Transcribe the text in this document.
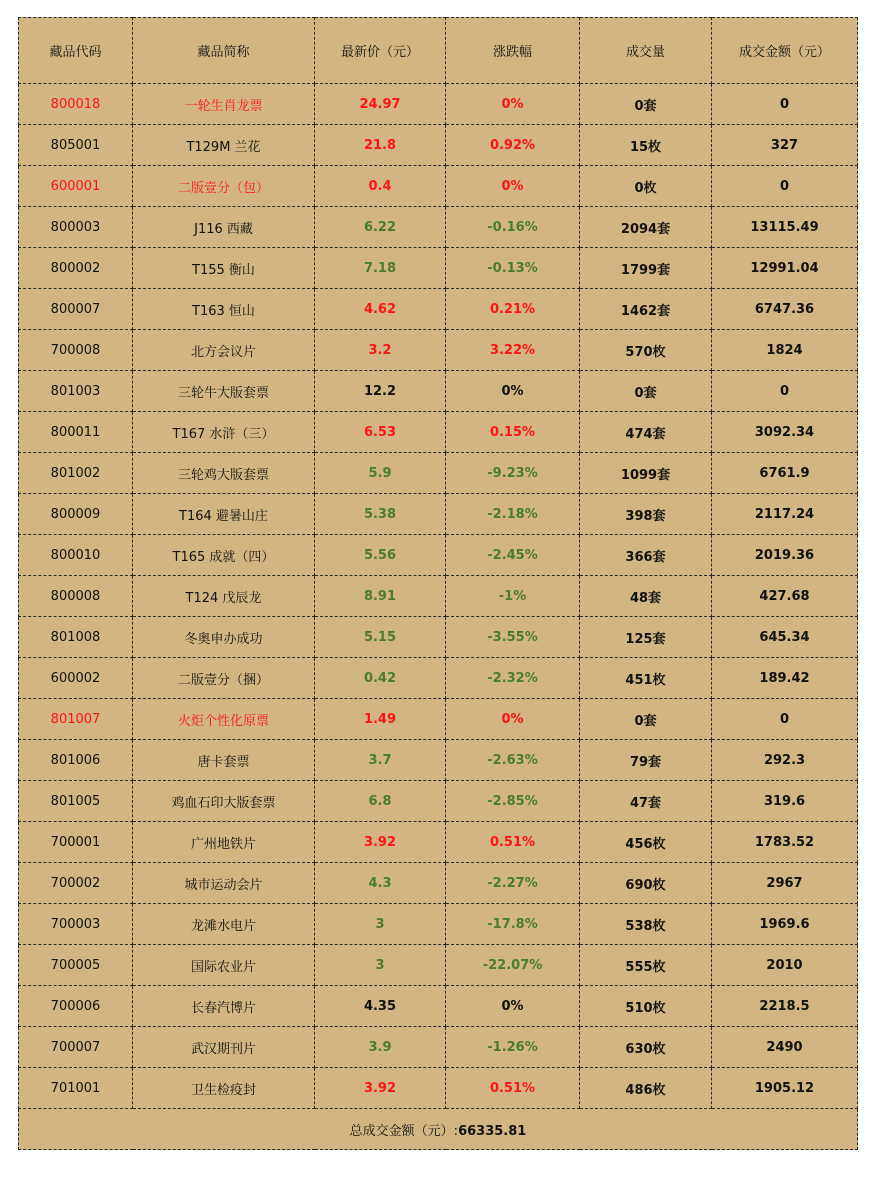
藏品代码	藏品简称	最新价（元）	涨跌幅	成交量	成交金额（元）
800018	一轮生肖龙票	24.97	0%	0套	0
805001	T129M 兰花	21.8	0.92%	15枚	327
600001	二版壹分（包）	0.4	0%	0枚	0
800003	J116 西藏	6.22	-0.16%	2094套	13115.49
800002	T155 衡山	7.18	-0.13%	1799套	12991.04
800007	T163 恒山	4.62	0.21%	1462套	6747.36
700008	北方会议片	3.2	3.22%	570枚	1824
801003	三轮牛大版套票	12.2	0%	0套	0
800011	T167 水浒（三）	6.53	0.15%	474套	3092.34
801002	三轮鸡大版套票	5.9	-9.23%	1099套	6761.9
800009	T164 避暑山庄	5.38	-2.18%	398套	2117.24
800010	T165 成就（四）	5.56	-2.45%	366套	2019.36
800008	T124 戊辰龙	8.91	-1%	48套	427.68
801008	冬奥申办成功	5.15	-3.55%	125套	645.34
600002	二版壹分（捆）	0.42	-2.32%	451枚	189.42
801007	火炬个性化原票	1.49	0%	0套	0
801006	唐卡套票	3.7	-2.63%	79套	292.3
801005	鸡血石印大版套票	6.8	-2.85%	47套	319.6
700001	广州地铁片	3.92	0.51%	456枚	1783.52
700002	城市运动会片	4.3	-2.27%	690枚	2967
700003	龙滩水电片	3	-17.8%	538枚	1969.6
700005	国际农业片	3	-22.07%	555枚	2010
700006	长春汽博片	4.35	0%	510枚	2218.5
700007	武汉期刊片	3.9	-1.26%	630枚	2490
701001	卫生检疫封	3.92	0.51%	486枚	1905.12
总成交金额（元）:66335.81					
